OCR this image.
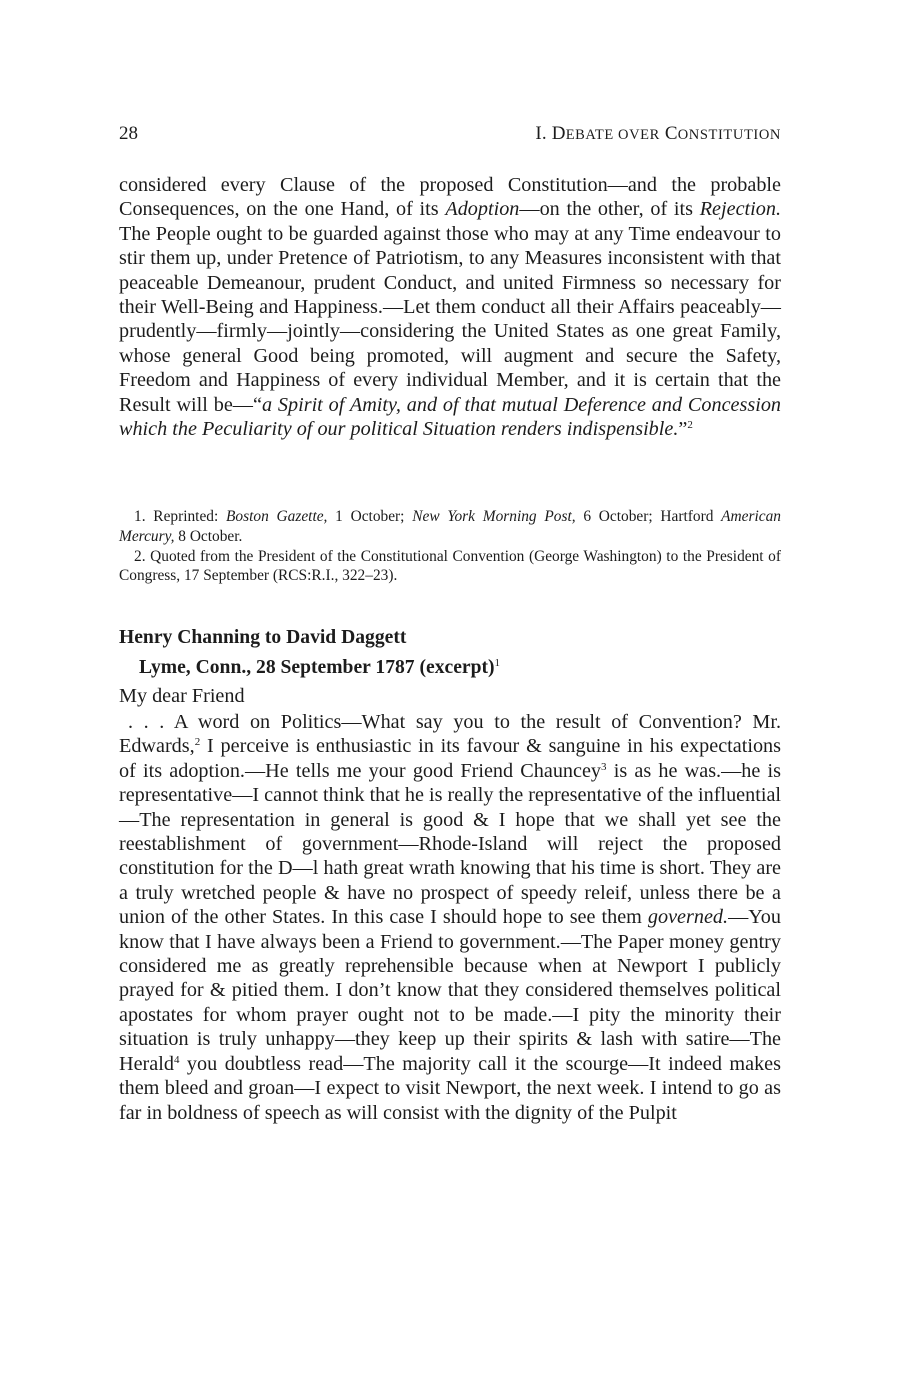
28	I. DEBATE OVER CONSTITUTION
considered every Clause of the proposed Constitution—and the probable Consequences, on the one Hand, of its Adoption—on the other, of its Rejection. The People ought to be guarded against those who may at any Time endeavour to stir them up, under Pretence of Patriotism, to any Measures inconsistent with that peaceable Demeanour, prudent Conduct, and united Firmness so necessary for their Well-Being and Happiness.—Let them conduct all their Affairs peaceably—prudently—firmly—jointly—considering the United States as one great Family, whose general Good being promoted, will augment and secure the Safety, Freedom and Happiness of every individual Member, and it is certain that the Result will be—“a Spirit of Amity, and of that mutual Deference and Concession which the Peculiarity of our political Situation renders indispensible.”$^2$

1. Reprinted: Boston Gazette, 1 October; New York Morning Post, 6 October; Hartford American Mercury, 8 October.

2. Quoted from the President of the Constitutional Convention (George Washington) to the President of Congress, 17 September (RCS:R.I., 322–23).

Henry Channing to David Daggett
Lyme, Conn., 28 September 1787 (excerpt)$^1$
My dear Friend
. . . A word on Politics—What say you to the result of Convention? Mr. Edwards,$^2$ I perceive is enthusiastic in its favour & sanguine in his expectations of its adoption.—He tells me your good Friend Chauncey$^3$ is as he was.—he is representative—I cannot think that he is really the representative of the influential—The representation in general is good & I hope that we shall yet see the reestablishment of government—Rhode-Island will reject the proposed constitution for the D—l hath great wrath knowing that his time is short. They are a truly wretched people & have no prospect of speedy releif, unless there be a union of the other States. In this case I should hope to see them governed.—You know that I have always been a Friend to government.—The Paper money gentry considered me as greatly reprehensible because when at Newport I publicly prayed for & pitied them. I don’t know that they considered themselves political apostates for whom prayer ought not to be made.—I pity the minority their situation is truly unhappy—they keep up their spirits & lash with satire—The Herald$^4$ you doubtless read—The majority call it the scourge—It indeed makes them bleed and groan—I expect to visit Newport, the next week. I intend to go as far in boldness of speech as will consist with the dignity of the Pulpit
